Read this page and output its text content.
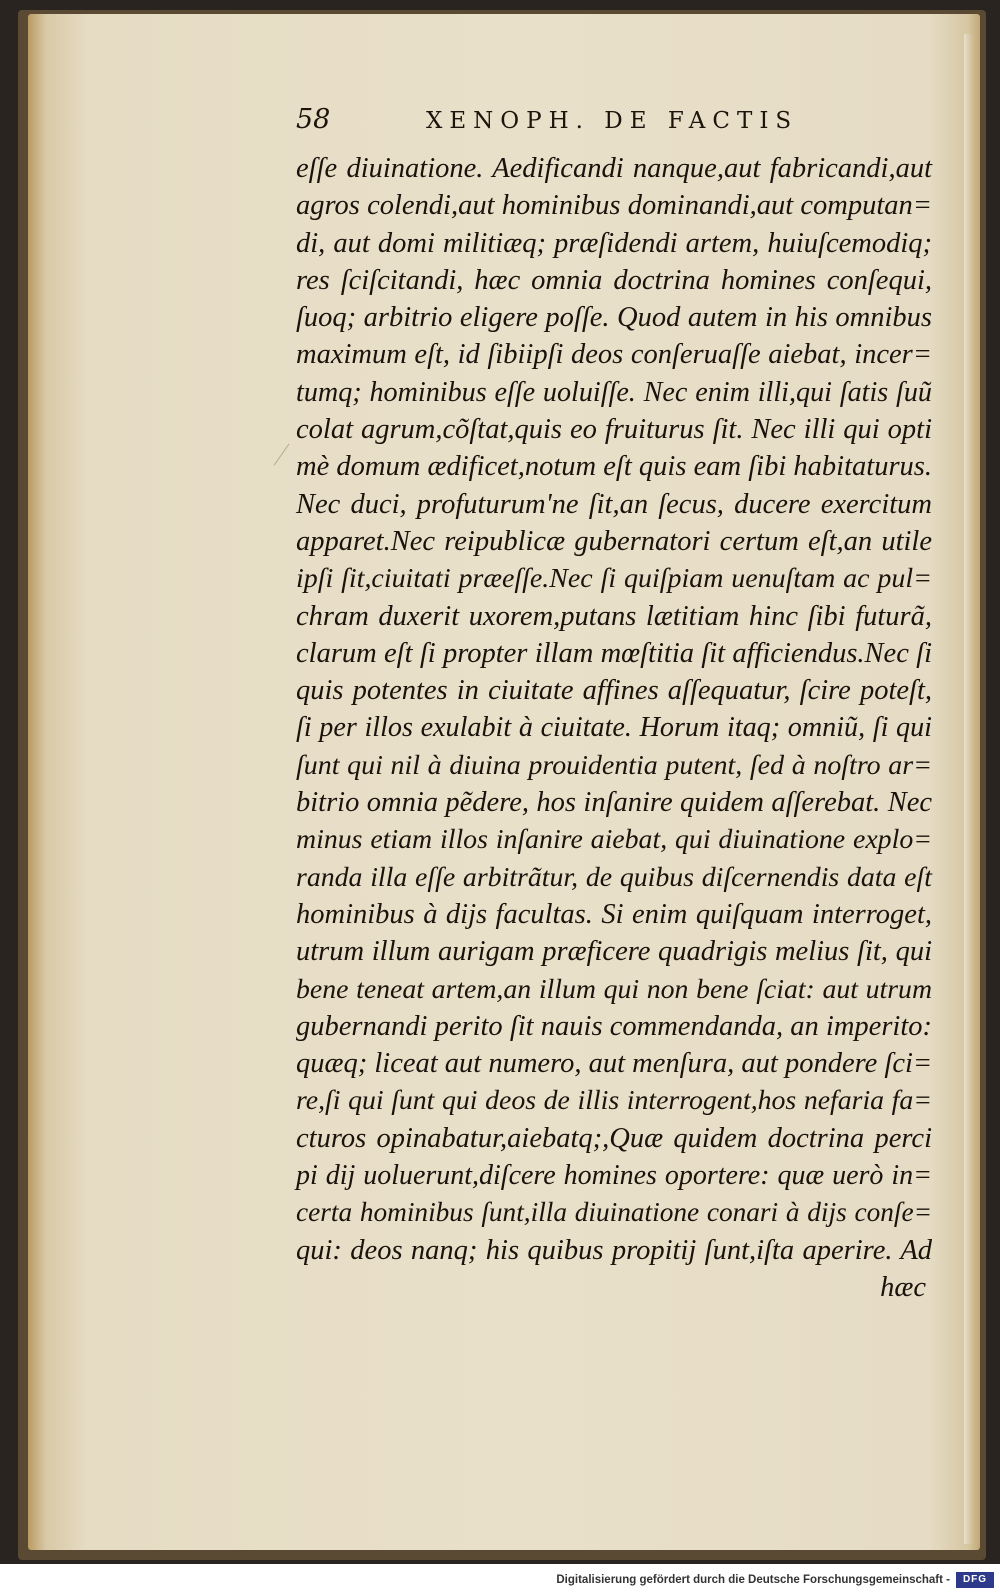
58	XENOPH. DE FACTIS
eſſe diuinatione. Aedificandi nanque,aut fabricandi,aut
agros colendi,aut hominibus dominandi,aut computan=
di, aut domi militiæq; præſidendi artem, huiuſcemodiq;
res ſciſcitandi, hæc omnia doctrina homines conſequi,
ſuoq; arbitrio eligere poſſe. Quod autem in his omnibus
maximum eſt, id ſibiipſi deos conſeruaſſe aiebat, incer=
tumq; hominibus eſſe uoluiſſe. Nec enim illi,qui ſatis ſuũ
colat agrum,cõſtat,quis eo fruiturus ſit. Nec illi qui opti
mè domum ædificet,notum eſt quis eam ſibi habitaturus.
Nec duci, profuturum'ne ſit,an ſecus, ducere exercitum
apparet.Nec reipublicæ gubernatori certum eſt,an utile
ipſi ſit,ciuitati præeſſe.Nec ſi quiſpiam uenuſtam ac pul=
chram duxerit uxorem,putans lætitiam hinc ſibi futurã,
clarum eſt ſi propter illam mœſtitia ſit afficiendus.Nec ſi
quis potentes in ciuitate affines aſſequatur, ſcire poteſt,
ſi per illos exulabit à ciuitate. Horum itaq; omniũ, ſi qui
ſunt qui nil à diuina prouidentia putent, ſed à noſtro ar=
bitrio omnia pẽdere, hos inſanire quidem aſſerebat. Nec
minus etiam illos inſanire aiebat, qui diuinatione explo=
randa illa eſſe arbitrãtur, de quibus diſcernendis data eſt
hominibus à dijs facultas. Si enim quiſquam interroget,
utrum illum aurigam præficere quadrigis melius ſit, qui
bene teneat artem,an illum qui non bene ſciat: aut utrum
gubernandi perito ſit nauis commendanda, an imperito:
quæq; liceat aut numero, aut menſura, aut pondere ſci=
re,ſi qui ſunt qui deos de illis interrogent,hos nefaria fa=
cturos opinabatur,aiebatq;,Quæ quidem doctrina perci
pi dij uoluerunt,diſcere homines oportere: quæ uerò in=
certa hominibus ſunt,illa diuinatione conari à dijs conſe=
qui: deos nanq; his quibus propitij ſunt,iſta aperire. Ad
hæc
Digitalisierung gefördert durch die Deutsche Forschungsgemeinschaft -	DFG
